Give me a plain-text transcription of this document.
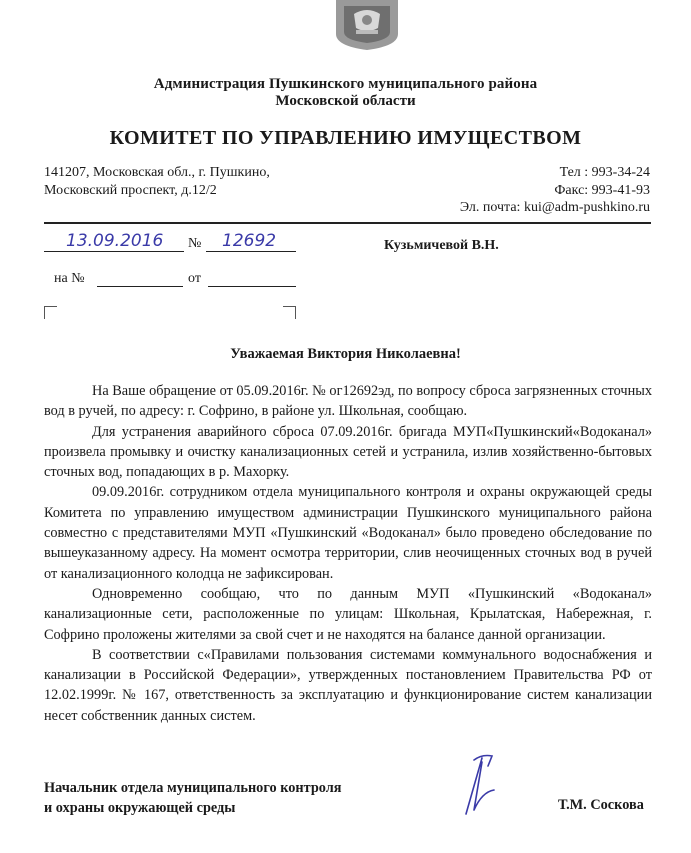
Администрация Пушкинского муниципального района
Московской области
КОМИТЕТ ПО УПРАВЛЕНИЮ ИМУЩЕСТВОМ
141207, Московская обл., г. Пушкино,
Московский проспект, д.12/2
Тел : 993-34-24
Факс: 993-41-93
Эл. почта: kui@adm-pushkino.ru
13.09.2016 № 12692
на №	от
Кузьмичевой В.Н.
Уважаемая Виктория Николаевна!

На Ваше обращение от 05.09.2016г. № ог12692эд, по вопросу сброса загрязненных сточных вод в ручей, по адресу: г. Софрино, в районе ул. Школьная, сообщаю.

Для устранения аварийного сброса 07.09.2016г. бригада МУП«Пушкинский«Водоканал» произвела промывку и очистку канализационных сетей и устранила, излив хозяйственно-бытовых сточных вод, попадающих в р. Махорку.

09.09.2016г. сотрудником отдела муниципального контроля и охраны окружающей среды Комитета по управлению имуществом администрации Пушкинского муниципального района совместно с представителями МУП «Пушкинский «Водоканал» было проведено обследование по вышеуказанному адресу. На момент осмотра территории, слив неочищенных сточных вод в ручей от канализационного колодца не зафиксирован.

Одновременно сообщаю, что по данным МУП «Пушкинский «Водоканал» канализационные сети, расположенные по улицам: Школьная, Крылатская, Набережная, г. Софрино проложены жителями за свой счет и не находятся на балансе данной организации.

В соответствии с«Правилами пользования системами коммунального водоснабжения и канализации в Российской Федерации», утвержденных постановлением Правительства РФ от 12.02.1999г. № 167, ответственность за эксплуатацию и функционирование систем канализации несет собственник данных систем.

Начальник отдела муниципального контроля
и охраны окружающей среды	Т.М. Соскова
